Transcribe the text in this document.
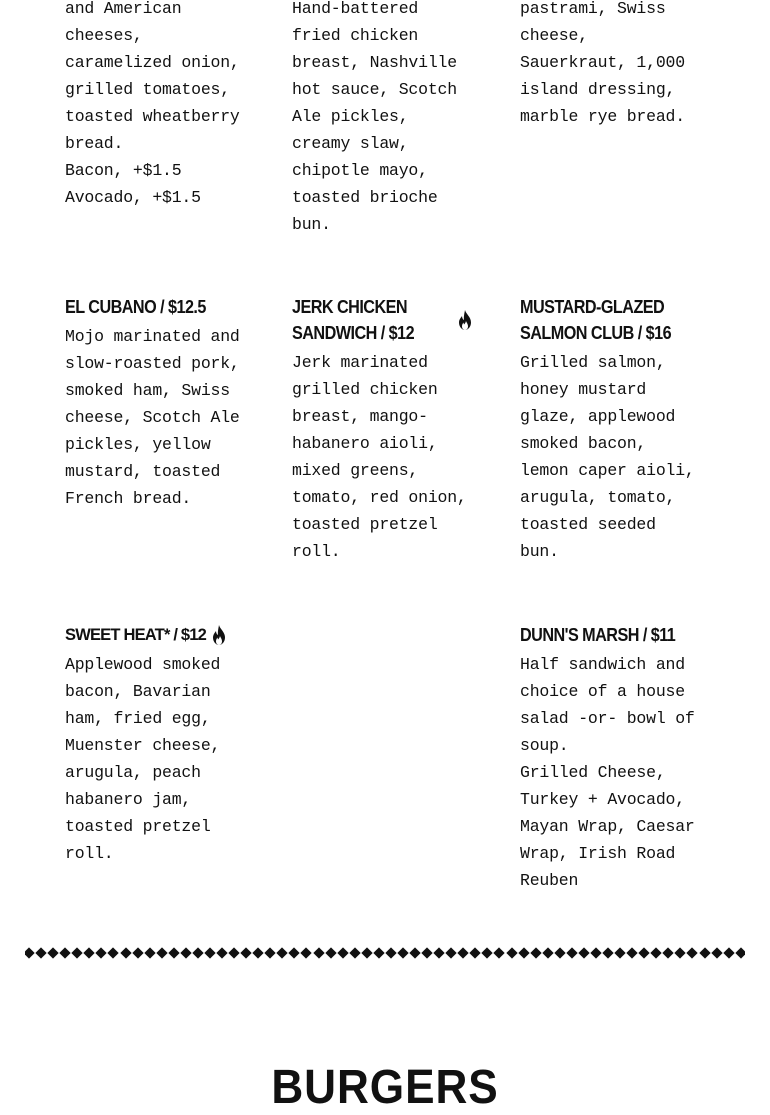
and American

cheeses,

caramelized onion,

grilled tomatoes,

toasted wheatberry

bread.

Bacon, +$1.5

Avocado, +$1.5

Hand-battered

fried chicken

breast, Nashville

hot sauce, Scotch

Ale pickles,

creamy slaw,

chipotle mayo,

toasted brioche

bun.

pastrami, Swiss

cheese,

Sauerkraut, 1,000

island dressing,

marble rye bread.

EL CUBANO / $12.5

Mojo marinated and

slow-roasted pork,

smoked ham, Swiss

cheese, Scotch Ale

pickles, yellow

mustard, toasted

French bread.

JERK CHICKEN
SANDWICH / $12

Jerk marinated

grilled chicken

breast, mango-

habanero aioli,

mixed greens,

tomato, red onion,

toasted pretzel

roll.

MUSTARD-GLAZED
SALMON CLUB / $16

Grilled salmon,

honey mustard

glaze, applewood

smoked bacon,

lemon caper aioli,

arugula, tomato,

toasted seeded

bun.

SWEET HEAT* / $12

Applewood smoked

bacon, Bavarian

ham, fried egg,

Muenster cheese,

arugula, peach

habanero jam,

toasted pretzel

roll.

DUNN'S MARSH / $11

Half sandwich and

choice of a house

salad -or- bowl of

soup.

Grilled Cheese,

Turkey + Avocado,

Mayan Wrap, Caesar

Wrap, Irish Road

Reuben

BURGERS
